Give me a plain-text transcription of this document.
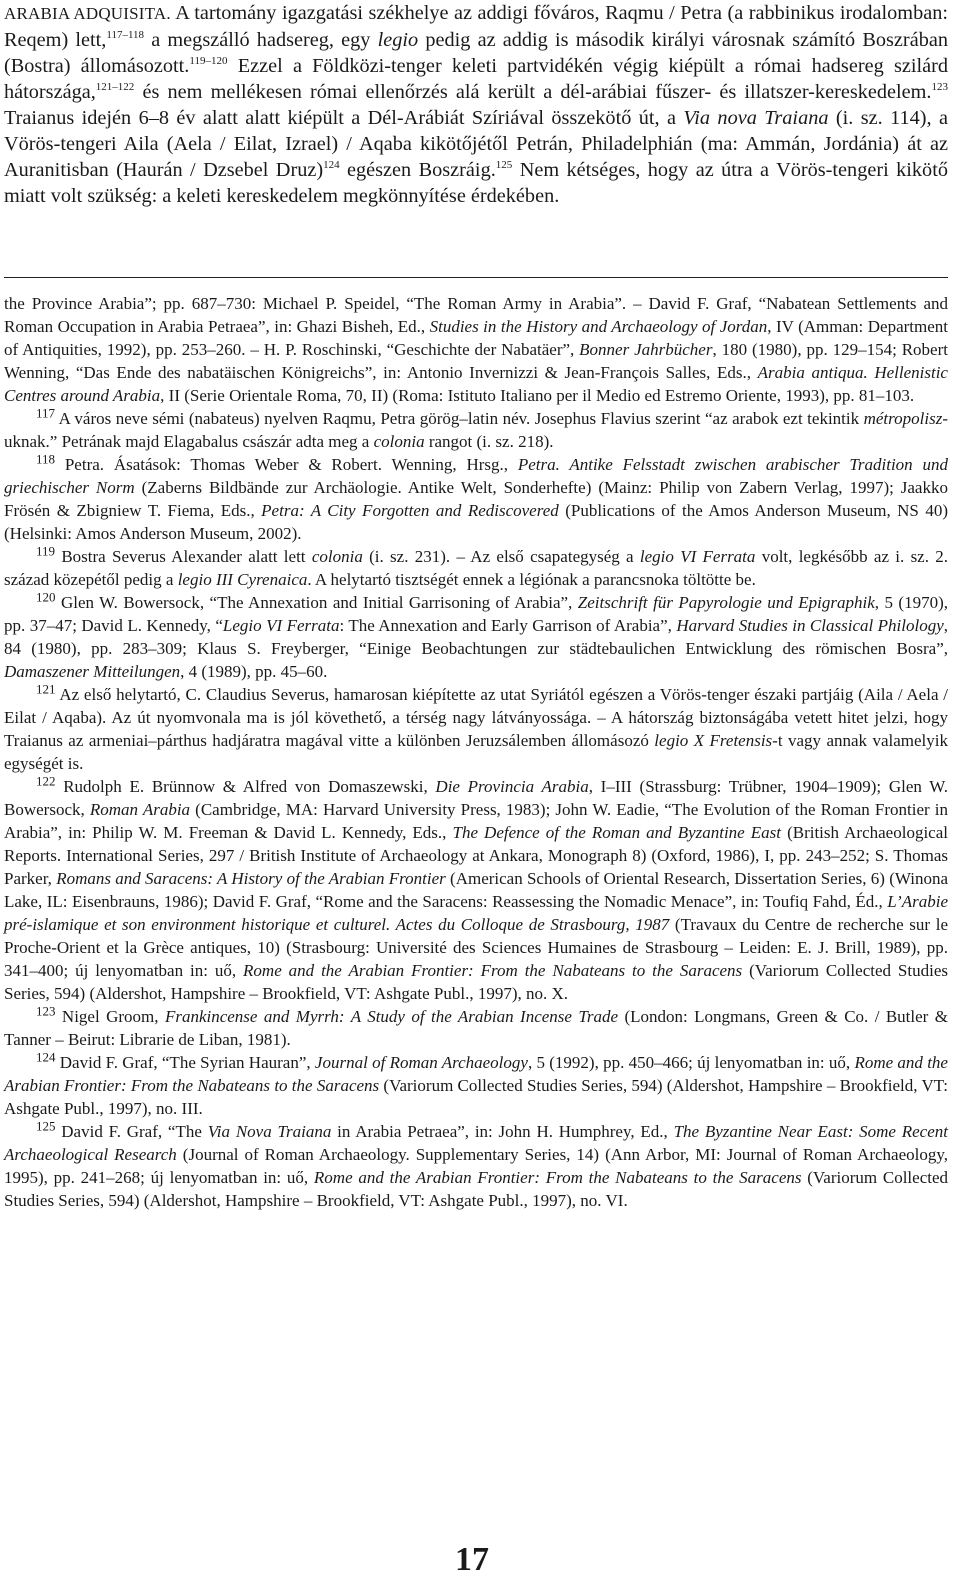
ARABIA ADQUISITA. A tartomány igazgatási székhelye az addigi főváros, Raqmu / Petra (a rabbinikus irodalomban: Reqem) lett,$^{117-118}$ a megszálló hadsereg, egy legio pedig az addig is második királyi városnak számító Boszrában (Bostra) állomásozott.$^{119-120}$ Ezzel a Földközi-tenger keleti partvidékén végig kiépült a római hadsereg szilárd hátországa,$^{121-122}$ és nem mellékesen római ellenőrzés alá került a dél-arábiai fűszer- és illatszer-kereskedelem.$^{123}$ Traianus idején 6–8 év alatt alatt kiépült a Dél-Arábiát Szíriával összekötő út, a Via nova Traiana (i. sz. 114), a Vörös-tengeri Aila (Aela / Eilat, Izrael) / Aqaba kikötőjétől Petrán, Philadelphián (ma: Ammán, Jordánia) át az Auranitisban (Haurán / Dzsebel Druz)$^{124}$ egészen Boszráig.$^{125}$ Nem kétséges, hogy az útra a Vörös-tengeri kikötő miatt volt szükség: a keleti kereskedelem megkönnyítése érdekében.

the Province Arabia”; pp. 687–730: Michael P. Speidel, “The Roman Army in Arabia”. – David F. Graf, “Nabatean Settlements and Roman Occupation in Arabia Petraea”, in: Ghazi Bisheh, Ed., Studies in the History and Archaeology of Jordan, IV (Amman: Department of Antiquities, 1992), pp. 253–260. – H. P. Roschinski, “Geschichte der Nabatäer”, Bonner Jahrbücher, 180 (1980), pp. 129–154; Robert Wenning, “Das Ende des nabatäischen Königreichs”, in: Antonio Invernizzi & Jean-François Salles, Eds., Arabia antiqua. Hellenistic Centres around Arabia, II (Serie Orientale Roma, 70, II) (Roma: Istituto Italiano per il Medio ed Estremo Oriente, 1993), pp. 81–103.

$^{117}$ A város neve sémi (nabateus) nyelven Raqmu, Petra görög–latin név. Josephus Flavius szerint “az arabok ezt tekintik métropolisz-uknak.” Petrának majd Elagabalus császár adta meg a colonia rangot (i. sz. 218).

$^{118}$ Petra. Ásatások: Thomas Weber & Robert. Wenning, Hrsg., Petra. Antike Felsstadt zwischen arabischer Tradition und griechischer Norm (Zaberns Bildbände zur Archäologie. Antike Welt, Sonderhefte) (Mainz: Philip von Zabern Verlag, 1997); Jaakko Frösén & Zbigniew T. Fiema, Eds., Petra: A City Forgotten and Rediscovered (Publications of the Amos Anderson Museum, NS 40) (Helsinki: Amos Anderson Museum, 2002).

$^{119}$ Bostra Severus Alexander alatt lett colonia (i. sz. 231). – Az első csapategység a legio VI Ferrata volt, legkésőbb az i. sz. 2. század közepétől pedig a legio III Cyrenaica. A helytartó tisztségét ennek a légiónak a parancsnoka töltötte be.

$^{120}$ Glen W. Bowersock, “The Annexation and Initial Garrisoning of Arabia”, Zeitschrift für Papyrologie und Epigraphik, 5 (1970), pp. 37–47; David L. Kennedy, “Legio VI Ferrata: The Annexation and Early Garrison of Arabia”, Harvard Studies in Classical Philology, 84 (1980), pp. 283–309; Klaus S. Freyberger, “Einige Beobachtungen zur städtebaulichen Entwicklung des römischen Bosra”, Damaszener Mitteilungen, 4 (1989), pp. 45–60.

$^{121}$ Az első helytartó, C. Claudius Severus, hamarosan kiépítette az utat Syriától egészen a Vörös-tenger északi partjáig (Aila / Aela / Eilat / Aqaba). Az út nyomvonala ma is jól követhető, a térség nagy látványossága. – A hátország biztonságába vetett hitet jelzi, hogy Traianus az armeniai–párthus hadjáratra magával vitte a különben Jeruzsálemben állomásozó legio X Fretensis-t vagy annak valamelyik egységét is.

$^{122}$ Rudolph E. Brünnow & Alfred von Domaszewski, Die Provincia Arabia, I–III (Strassburg: Trübner, 1904–1909); Glen W. Bowersock, Roman Arabia (Cambridge, MA: Harvard University Press, 1983); John W. Eadie, “The Evolution of the Roman Frontier in Arabia”, in: Philip W. M. Freeman & David L. Kennedy, Eds., The Defence of the Roman and Byzantine East (British Archaeological Reports. International Series, 297 / British Institute of Archaeology at Ankara, Monograph 8) (Oxford, 1986), I, pp. 243–252; S. Thomas Parker, Romans and Saracens: A History of the Arabian Frontier (American Schools of Oriental Research, Dissertation Series, 6) (Winona Lake, IL: Eisenbrauns, 1986); David F. Graf, “Rome and the Saracens: Reassessing the Nomadic Menace”, in: Toufiq Fahd, Éd., L’Arabie pré-islamique et son environment historique et culturel. Actes du Colloque de Strasbourg, 1987 (Travaux du Centre de recherche sur le Proche-Orient et la Grèce antiques, 10) (Strasbourg: Université des Sciences Humaines de Strasbourg – Leiden: E. J. Brill, 1989), pp. 341–400; új lenyomatban in: uő, Rome and the Arabian Frontier: From the Nabateans to the Saracens (Variorum Collected Studies Series, 594) (Aldershot, Hampshire – Brookfield, VT: Ashgate Publ., 1997), no. X.

$^{123}$ Nigel Groom, Frankincense and Myrrh: A Study of the Arabian Incense Trade (London: Longmans, Green & Co. / Butler & Tanner – Beirut: Librarie de Liban, 1981).

$^{124}$ David F. Graf, “The Syrian Hauran”, Journal of Roman Archaeology, 5 (1992), pp. 450–466; új lenyomatban in: uő, Rome and the Arabian Frontier: From the Nabateans to the Saracens (Variorum Collected Studies Series, 594) (Aldershot, Hampshire – Brookfield, VT: Ashgate Publ., 1997), no. III.

$^{125}$ David F. Graf, “The Via Nova Traiana in Arabia Petraea”, in: John H. Humphrey, Ed., The Byzantine Near East: Some Recent Archaeological Research (Journal of Roman Archaeology. Supplementary Series, 14) (Ann Arbor, MI: Journal of Roman Archaeology, 1995), pp. 241–268; új lenyomatban in: uő, Rome and the Arabian Frontier: From the Nabateans to the Saracens (Variorum Collected Studies Series, 594) (Aldershot, Hampshire – Brookfield, VT: Ashgate Publ., 1997), no. VI.

17
